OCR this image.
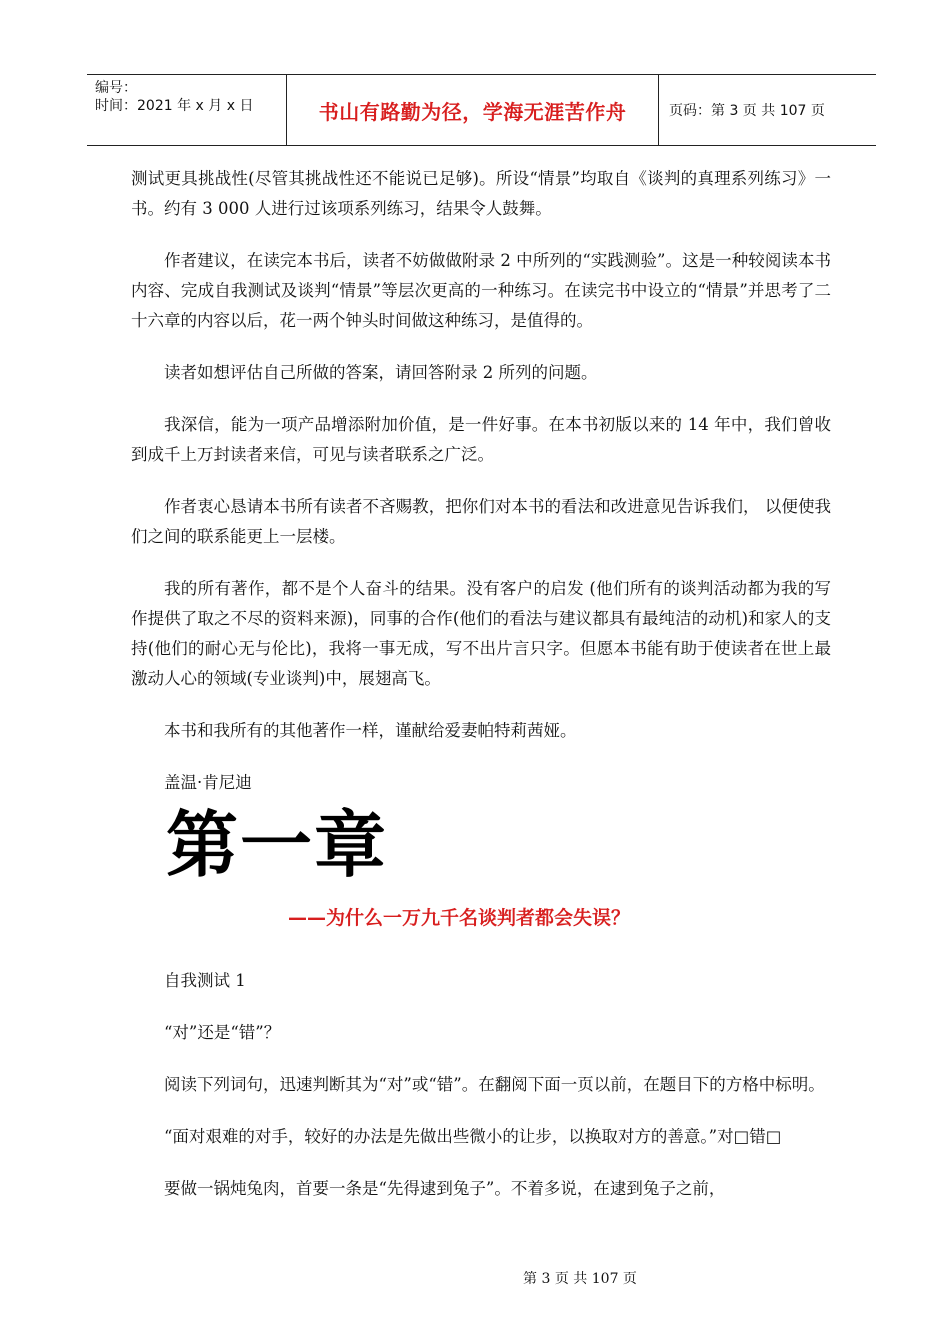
编号：
时间：2021 年 x 月 x 日	书山有路勤为径，学海无涯苦作舟	页码：第 3 页 共 107 页

测试更具挑战性(尽管其挑战性还不能说已足够)。所设“情景”均取自《谈判的真理系列练习》一书。约有 3 000 人进行过该项系列练习，结果令人鼓舞。

作者建议，在读完本书后，读者不妨做做附录 2 中所列的“实践测验”。这是一种较阅读本书内容、完成自我测试及谈判“情景”等层次更高的一种练习。在读完书中设立的“情景”并思考了二十六章的内容以后，花一两个钟头时间做这种练习，是值得的。

读者如想评估自己所做的答案，请回答附录 2 所列的问题。

我深信，能为一项产品增添附加价值，是一件好事。在本书初版以来的 14 年中，我们曾收到成千上万封读者来信，可见与读者联系之广泛。

作者衷心恳请本书所有读者不吝赐教，把你们对本书的看法和改进意见告诉我们， 以便使我们之间的联系能更上一层楼。

我的所有著作，都不是个人奋斗的结果。没有客户的启发 (他们所有的谈判活动都为我的写作提供了取之不尽的资料来源)，同事的合作(他们的看法与建议都具有最纯洁的动机)和家人的支持(他们的耐心无与伦比)，我将一事无成，写不出片言只字。但愿本书能有助于使读者在世上最激动人心的领域(专业谈判)中，展翅高飞。

本书和我所有的其他著作一样，谨献给爱妻帕特莉茜娅。

盖温·肯尼迪

第一章
——为什么一万九千名谈判者都会失误？

自我测试 1

“对”还是“错”？

阅读下列词句，迅速判断其为“对”或“错”。在翻阅下面一页以前，在题目下的方格中标明。

“面对艰难的对手，较好的办法是先做出些微小的让步，以换取对方的善意。”对□错□

要做一锅炖兔肉，首要一条是“先得逮到兔子”。不着多说，在逮到兔子之前，

第 3 页 共 107 页
